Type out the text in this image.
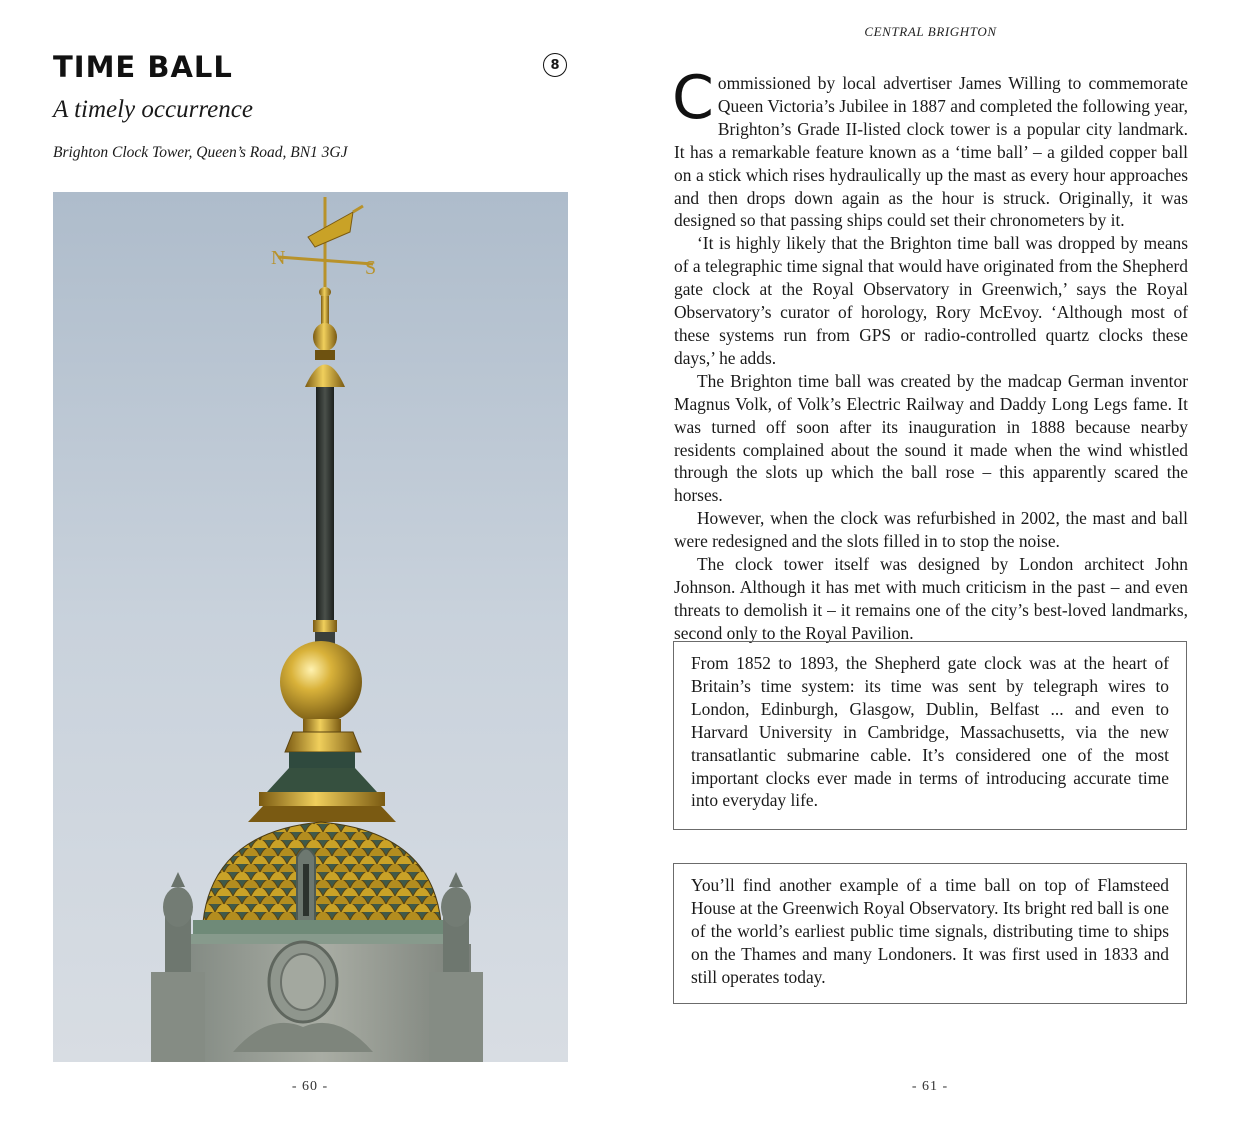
TIME BALL	8
A timely occurrence

Brighton Clock Tower, Queen’s Road, BN1 3GJ

N	S
- 60 -
CENTRAL BRIGHTON

Commissioned by local advertiser James Willing to commemorate Queen Victoria’s Jubilee in 1887 and completed the following year, Brighton’s Grade II-listed clock tower is a popular city landmark. It has a remarkable feature known as a ‘time ball’ – a gilded copper ball on a stick which rises hydraulically up the mast as every hour approaches and then drops down again as the hour is struck. Originally, it was designed so that passing ships could set their chronometers by it.

‘It is highly likely that the Brighton time ball was dropped by means of a telegraphic time signal that would have originated from the Shepherd gate clock at the Royal Observatory in Greenwich,’ says the Royal Observatory’s curator of horology, Rory McEvoy. ‘Although most of these systems run from GPS or radio-controlled quartz clocks these days,’ he adds.

The Brighton time ball was created by the madcap German inventor Magnus Volk, of Volk’s Electric Railway and Daddy Long Legs fame. It was turned off soon after its inauguration in 1888 because nearby residents complained about the sound it made when the wind whistled through the slots up which the ball rose – this apparently scared the horses.

However, when the clock was refurbished in 2002, the mast and ball were redesigned and the slots filled in to stop the noise.

The clock tower itself was designed by London architect John Johnson. Although it has met with much criticism in the past – and even threats to demolish it – it remains one of the city’s best-loved landmarks, second only to the Royal Pavilion.

From 1852 to 1893, the Shepherd gate clock was at the heart of Britain’s time system: its time was sent by telegraph wires to London, Edinburgh, Glasgow, Dublin, Belfast ... and even to Harvard University in Cambridge, Massachusetts, via the new transatlantic submarine cable. It’s considered one of the most important clocks ever made in terms of introducing accurate time into everyday life.

You’ll find another example of a time ball on top of Flamsteed House at the Greenwich Royal Observatory. Its bright red ball is one of the world’s earliest public time signals, distributing time to ships on the Thames and many Londoners. It was first used in 1833 and still operates today.

- 61 -
